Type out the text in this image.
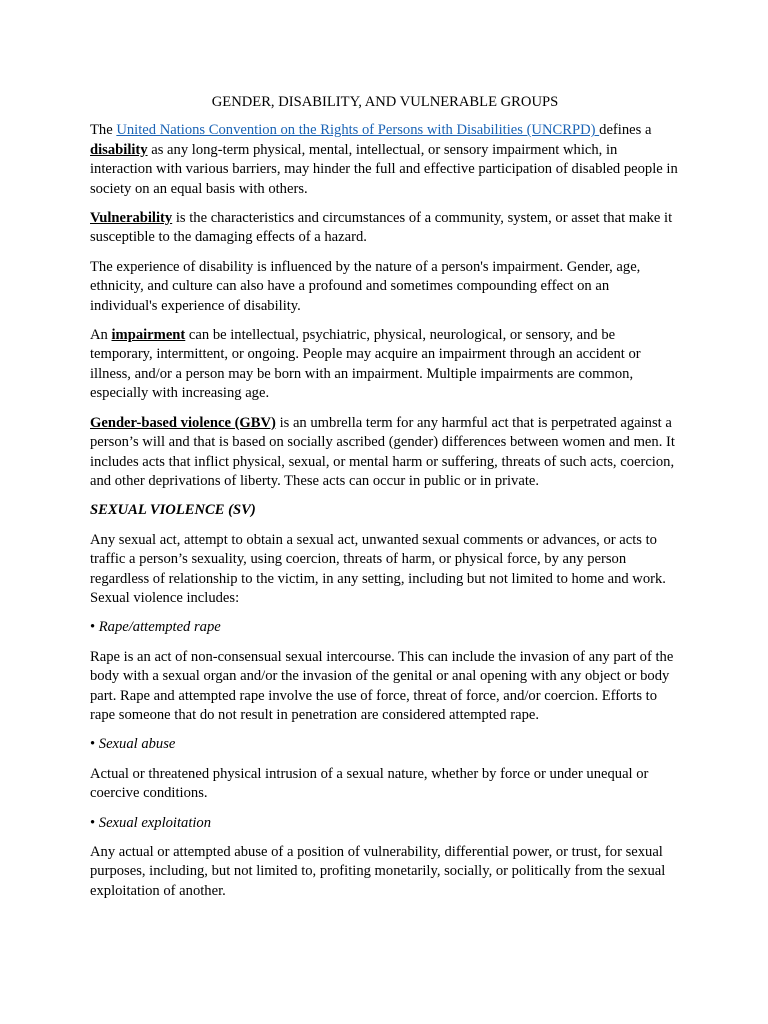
GENDER, DISABILITY, AND VULNERABLE GROUPS

The United Nations Convention on the Rights of Persons with Disabilities (UNCRPD) defines a disability as any long-term physical, mental, intellectual, or sensory impairment which, in interaction with various barriers, may hinder the full and effective participation of disabled people in society on an equal basis with others.

Vulnerability is the characteristics and circumstances of a community, system, or asset that make it susceptible to the damaging effects of a hazard.

The experience of disability is influenced by the nature of a person's impairment. Gender, age, ethnicity, and culture can also have a profound and sometimes compounding effect on an individual's experience of disability.

An impairment can be intellectual, psychiatric, physical, neurological, or sensory, and be temporary, intermittent, or ongoing. People may acquire an impairment through an accident or illness, and/or a person may be born with an impairment. Multiple impairments are common, especially with increasing age.

Gender-based violence (GBV) is an umbrella term for any harmful act that is perpetrated against a person’s will and that is based on socially ascribed (gender) differences between women and men. It includes acts that inflict physical, sexual, or mental harm or suffering, threats of such acts, coercion, and other deprivations of liberty. These acts can occur in public or in private.

SEXUAL VIOLENCE (SV)

Any sexual act, attempt to obtain a sexual act, unwanted sexual comments or advances, or acts to traffic a person’s sexuality, using coercion, threats of harm, or physical force, by any person regardless of relationship to the victim, in any setting, including but not limited to home and work. Sexual violence includes:

• Rape/attempted rape

Rape is an act of non-consensual sexual intercourse. This can include the invasion of any part of the body with a sexual organ and/or the invasion of the genital or anal opening with any object or body part. Rape and attempted rape involve the use of force, threat of force, and/or coercion. Efforts to rape someone that do not result in penetration are considered attempted rape.

• Sexual abuse

Actual or threatened physical intrusion of a sexual nature, whether by force or under unequal or coercive conditions.

• Sexual exploitation

Any actual or attempted abuse of a position of vulnerability, differential power, or trust, for sexual purposes, including, but not limited to, profiting monetarily, socially, or politically from the sexual exploitation of another.
